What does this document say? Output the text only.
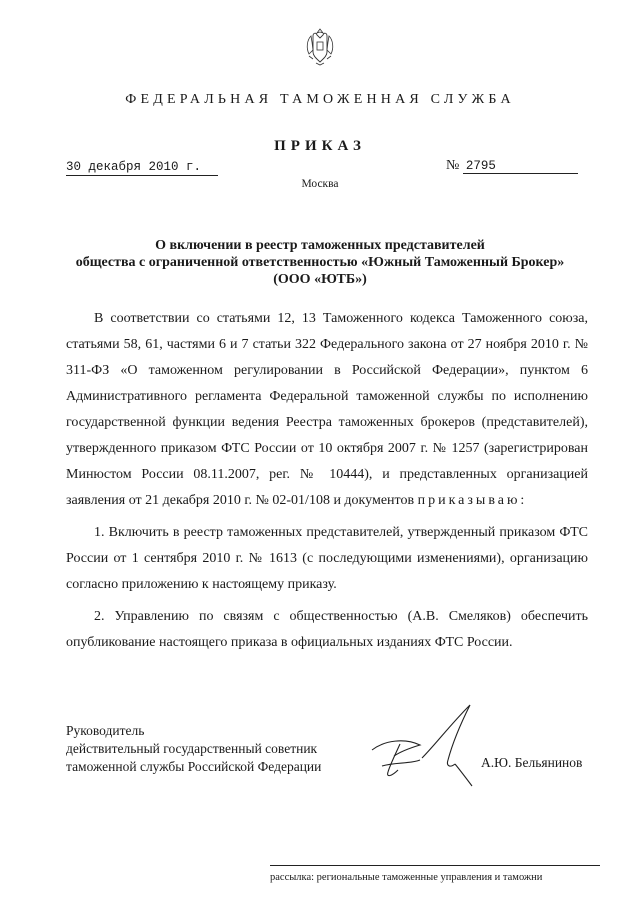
ФЕДЕРАЛЬНАЯ ТАМОЖЕННАЯ СЛУЖБА
ПРИКАЗ
30 декабря 2010 г.	№ 2795
Москва
О включении в реестр таможенных представителей
общества с ограниченной ответственностью «Южный Таможенный Брокер»
(ООО «ЮТБ»)

В соответствии со статьями 12, 13 Таможенного кодекса Таможенного союза, статьями 58, 61, частями 6 и 7 статьи 322 Федерального закона от 27 ноября 2010 г. № 311-ФЗ «О таможенном регулировании в Российской Федерации», пунктом 6 Административного регламента Федеральной таможенной службы по исполнению государственной функции ведения Реестра таможенных брокеров (представителей), утвержденного приказом ФТС России от 10 октября 2007 г. № 1257 (зарегистрирован Минюстом России 08.11.2007, рег. № 10444), и представленных организацией заявления от 21 декабря 2010 г. № 02-01/108 и документов приказываю:

1. Включить в реестр таможенных представителей, утвержденный приказом ФТС России от 1 сентября 2010 г. № 1613 (с последующими изменениями), организацию согласно приложению к настоящему приказу.

2. Управлению по связям с общественностью (А.В. Смеляков) обеспечить опубликование настоящего приказа в официальных изданиях ФТС России.

Руководитель
действительный государственный советник
таможенной службы Российской Федерации	А.Ю. Бельянинов
рассылка: региональные таможенные управления и таможни
